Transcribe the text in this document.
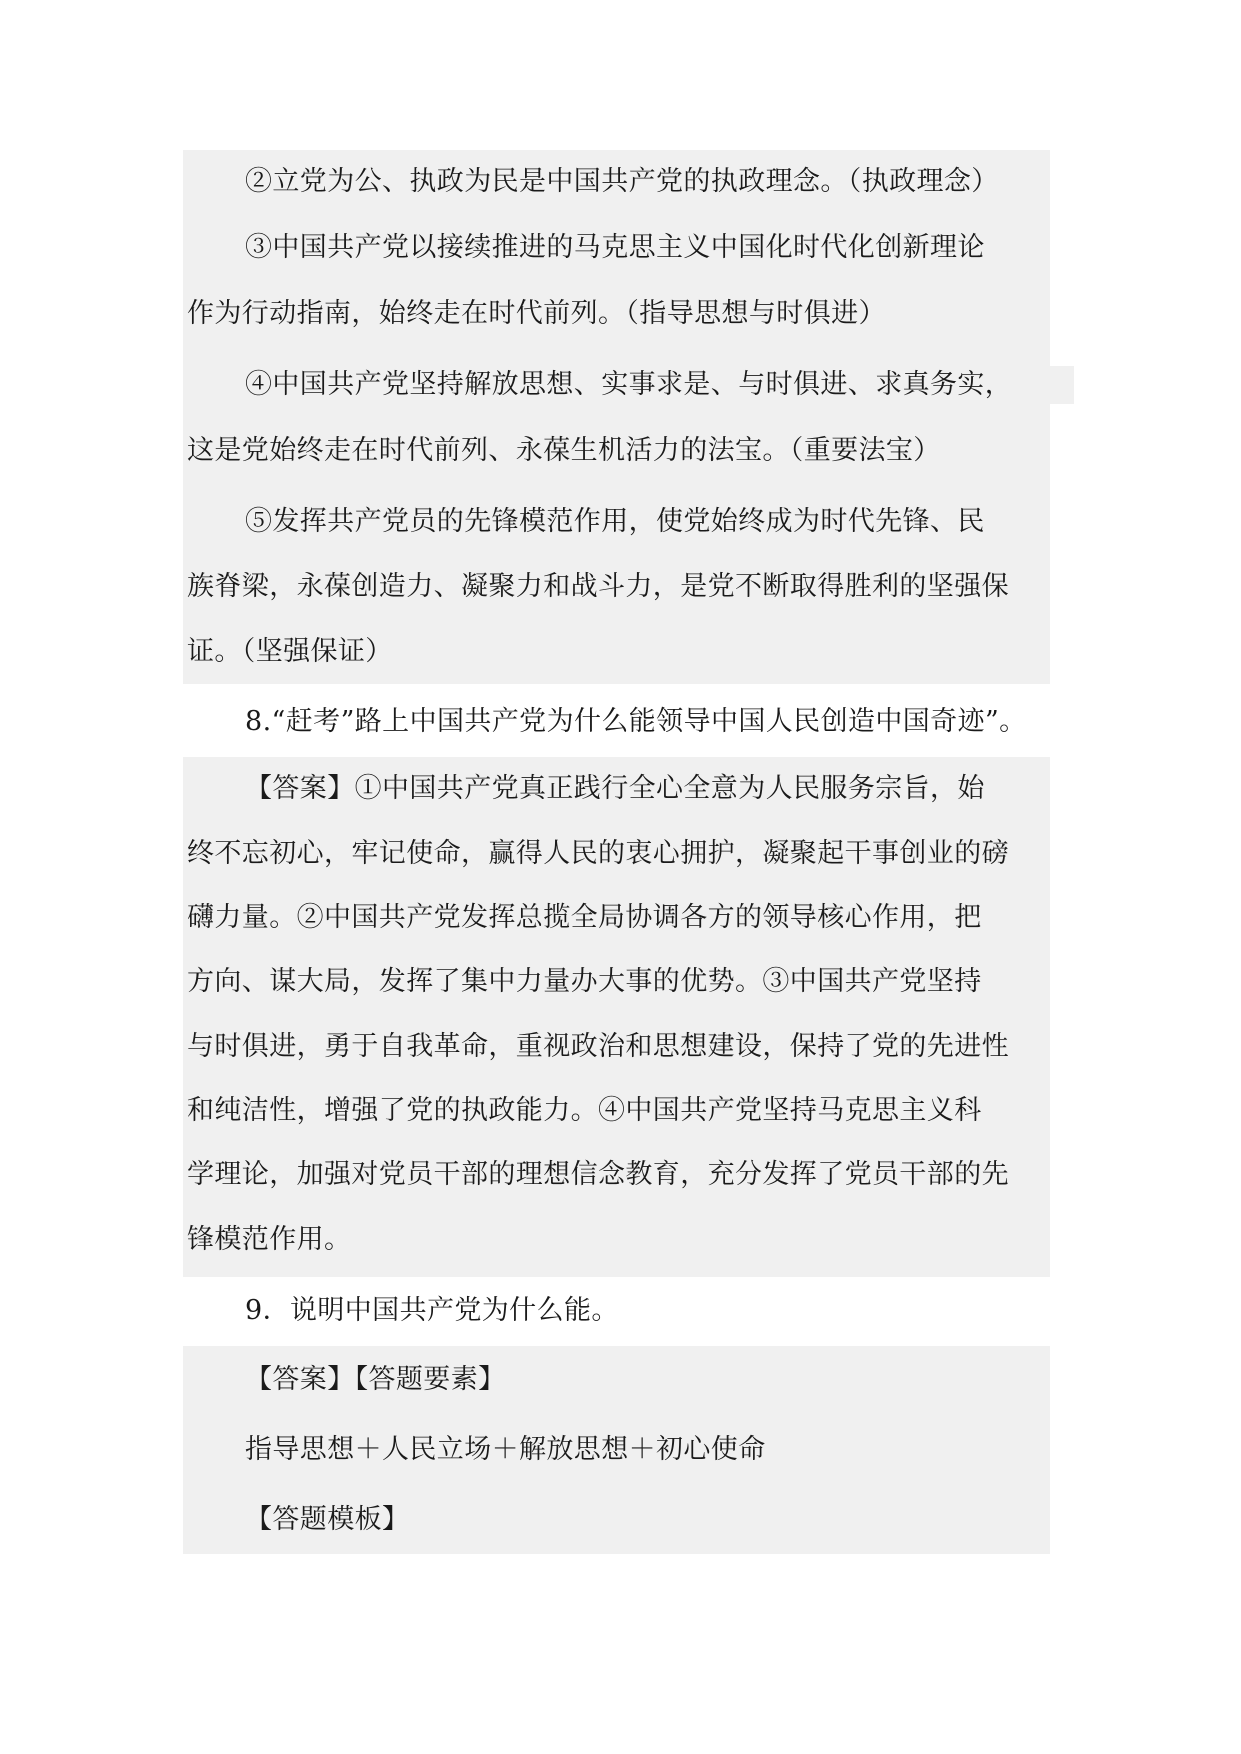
②立党为公、执政为民是中国共产党的执政理念。（执政理念）
③中国共产党以接续推进的马克思主义中国化时代化创新理论
作为行动指南，始终走在时代前列。（指导思想与时俱进）
④中国共产党坚持解放思想、实事求是、与时俱进、求真务实，
这是党始终走在时代前列、永葆生机活力的法宝。（重要法宝）
⑤发挥共产党员的先锋模范作用，使党始终成为时代先锋、民
族脊梁，永葆创造力、凝聚力和战斗力，是党不断取得胜利的坚强保
证。（坚强保证）
8.“赶考”路上中国共产党为什么能领导中国人民创造中国奇迹”。
【答案】①中国共产党真正践行全心全意为人民服务宗旨，始
终不忘初心，牢记使命，赢得人民的衷心拥护，凝聚起干事创业的磅
礴力量。②中国共产党发挥总揽全局协调各方的领导核心作用，把
方向、谋大局，发挥了集中力量办大事的优势。③中国共产党坚持
与时俱进，勇于自我革命，重视政治和思想建设，保持了党的先进性
和纯洁性，增强了党的执政能力。④中国共产党坚持马克思主义科
学理论，加强对党员干部的理想信念教育，充分发挥了党员干部的先
锋模范作用。
9．说明中国共产党为什么能。
【答案】【答题要素】
指导思想＋人民立场＋解放思想＋初心使命
【答题模板】
